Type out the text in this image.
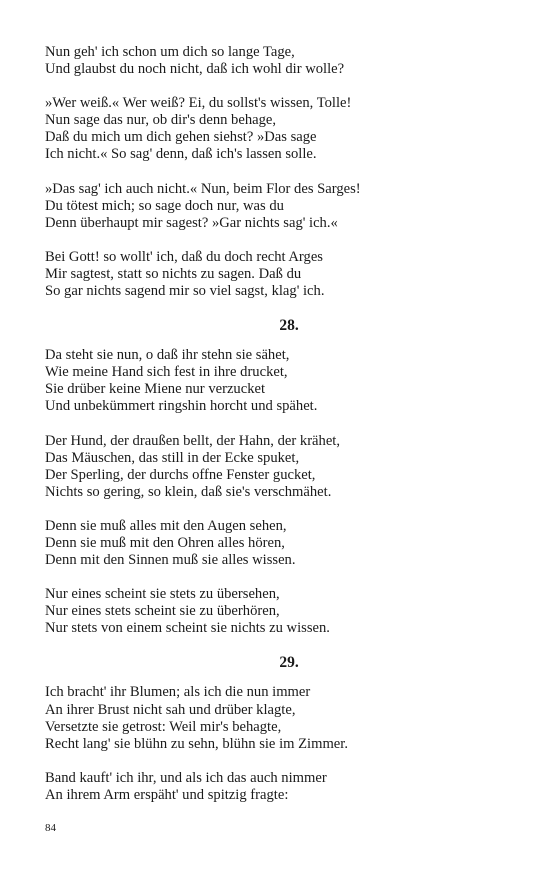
Nun geh' ich schon um dich so lange Tage,
Und glaubst du noch nicht, daß ich wohl dir wolle?
»Wer weiß.« Wer weiß? Ei, du sollst's wissen, Tolle!
Nun sage das nur, ob dir's denn behage,
Daß du mich um dich gehen siehst? »Das sage
Ich nicht.« So sag' denn, daß ich's lassen solle.
»Das sag' ich auch nicht.« Nun, beim Flor des Sarges!
Du tötest mich; so sage doch nur, was du
Denn überhaupt mir sagest? »Gar nichts sag' ich.«
Bei Gott! so wollt' ich, daß du doch recht Arges
Mir sagtest, statt so nichts zu sagen. Daß du
So gar nichts sagend mir so viel sagst, klag' ich.
28.
Da steht sie nun, o daß ihr stehn sie sähet,
Wie meine Hand sich fest in ihre drucket,
Sie drüber keine Miene nur verzucket
Und unbekümmert ringshin horcht und spähet.
Der Hund, der draußen bellt, der Hahn, der krähet,
Das Mäuschen, das still in der Ecke spuket,
Der Sperling, der durchs offne Fenster gucket,
Nichts so gering, so klein, daß sie's verschmähet.
Denn sie muß alles mit den Augen sehen,
Denn sie muß mit den Ohren alles hören,
Denn mit den Sinnen muß sie alles wissen.
Nur eines scheint sie stets zu übersehen,
Nur eines stets scheint sie zu überhören,
Nur stets von einem scheint sie nichts zu wissen.
29.
Ich bracht' ihr Blumen; als ich die nun immer
An ihrer Brust nicht sah und drüber klagte,
Versetzte sie getrost: Weil mir's behagte,
Recht lang' sie blühn zu sehn, blühn sie im Zimmer.
Band kauft' ich ihr, und als ich das auch nimmer
An ihrem Arm erspäht' und spitzig fragte:
84
